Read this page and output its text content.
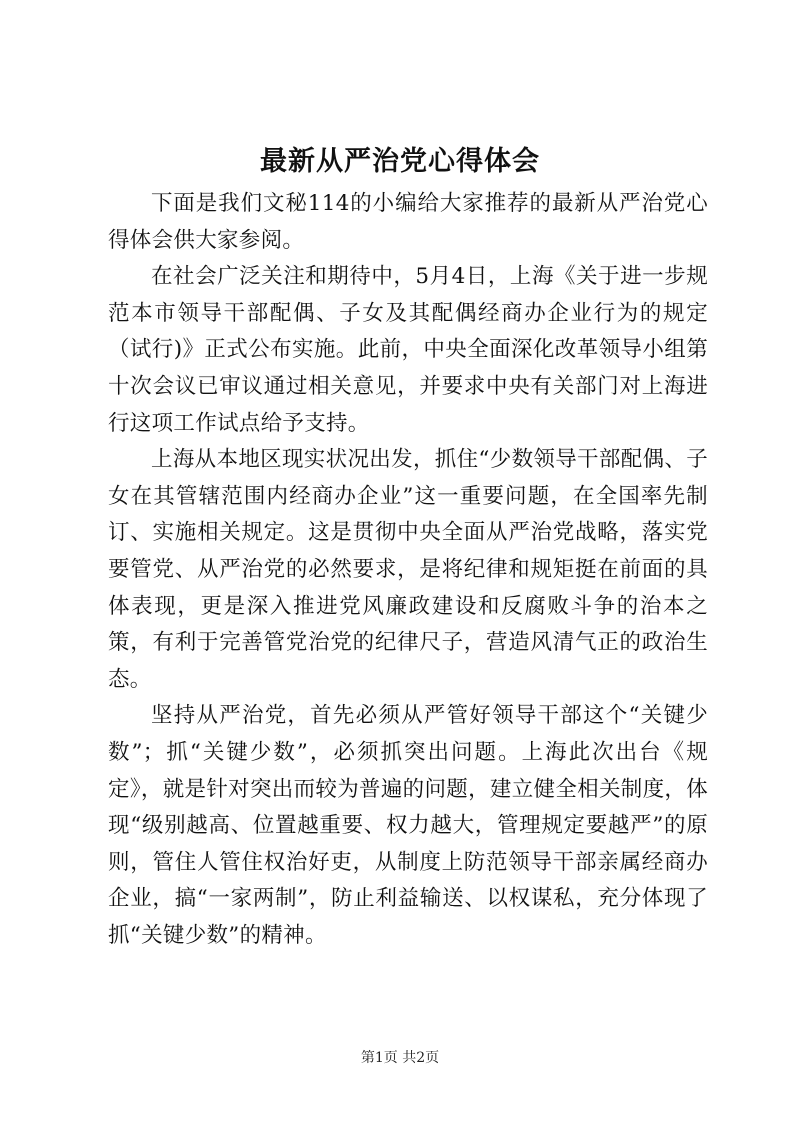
最新从严治党心得体会

下面是我们文秘114的小编给大家推荐的最新从严治党心得体会供大家参阅。

在社会广泛关注和期待中，5月4日，上海《关于进一步规范本市领导干部配偶、子女及其配偶经商办企业行为的规定（试行)》正式公布实施。此前，中央全面深化改革领导小组第十次会议已审议通过相关意见，并要求中央有关部门对上海进行这项工作试点给予支持。

上海从本地区现实状况出发，抓住“少数领导干部配偶、子女在其管辖范围内经商办企业”这一重要问题，在全国率先制订、实施相关规定。这是贯彻中央全面从严治党战略，落实党要管党、从严治党的必然要求，是将纪律和规矩挺在前面的具体表现，更是深入推进党风廉政建设和反腐败斗争的治本之策，有利于完善管党治党的纪律尺子，营造风清气正的政治生态。

坚持从严治党，首先必须从严管好领导干部这个“关键少数”；抓“关键少数”，必须抓突出问题。上海此次出台《规定》，就是针对突出而较为普遍的问题，建立健全相关制度，体现“级别越高、位置越重要、权力越大，管理规定要越严”的原则，管住人管住权治好吏，从制度上防范领导干部亲属经商办企业，搞“一家两制”，防止利益输送、以权谋私，充分体现了抓“关键少数”的精神。

第1页 共2页
